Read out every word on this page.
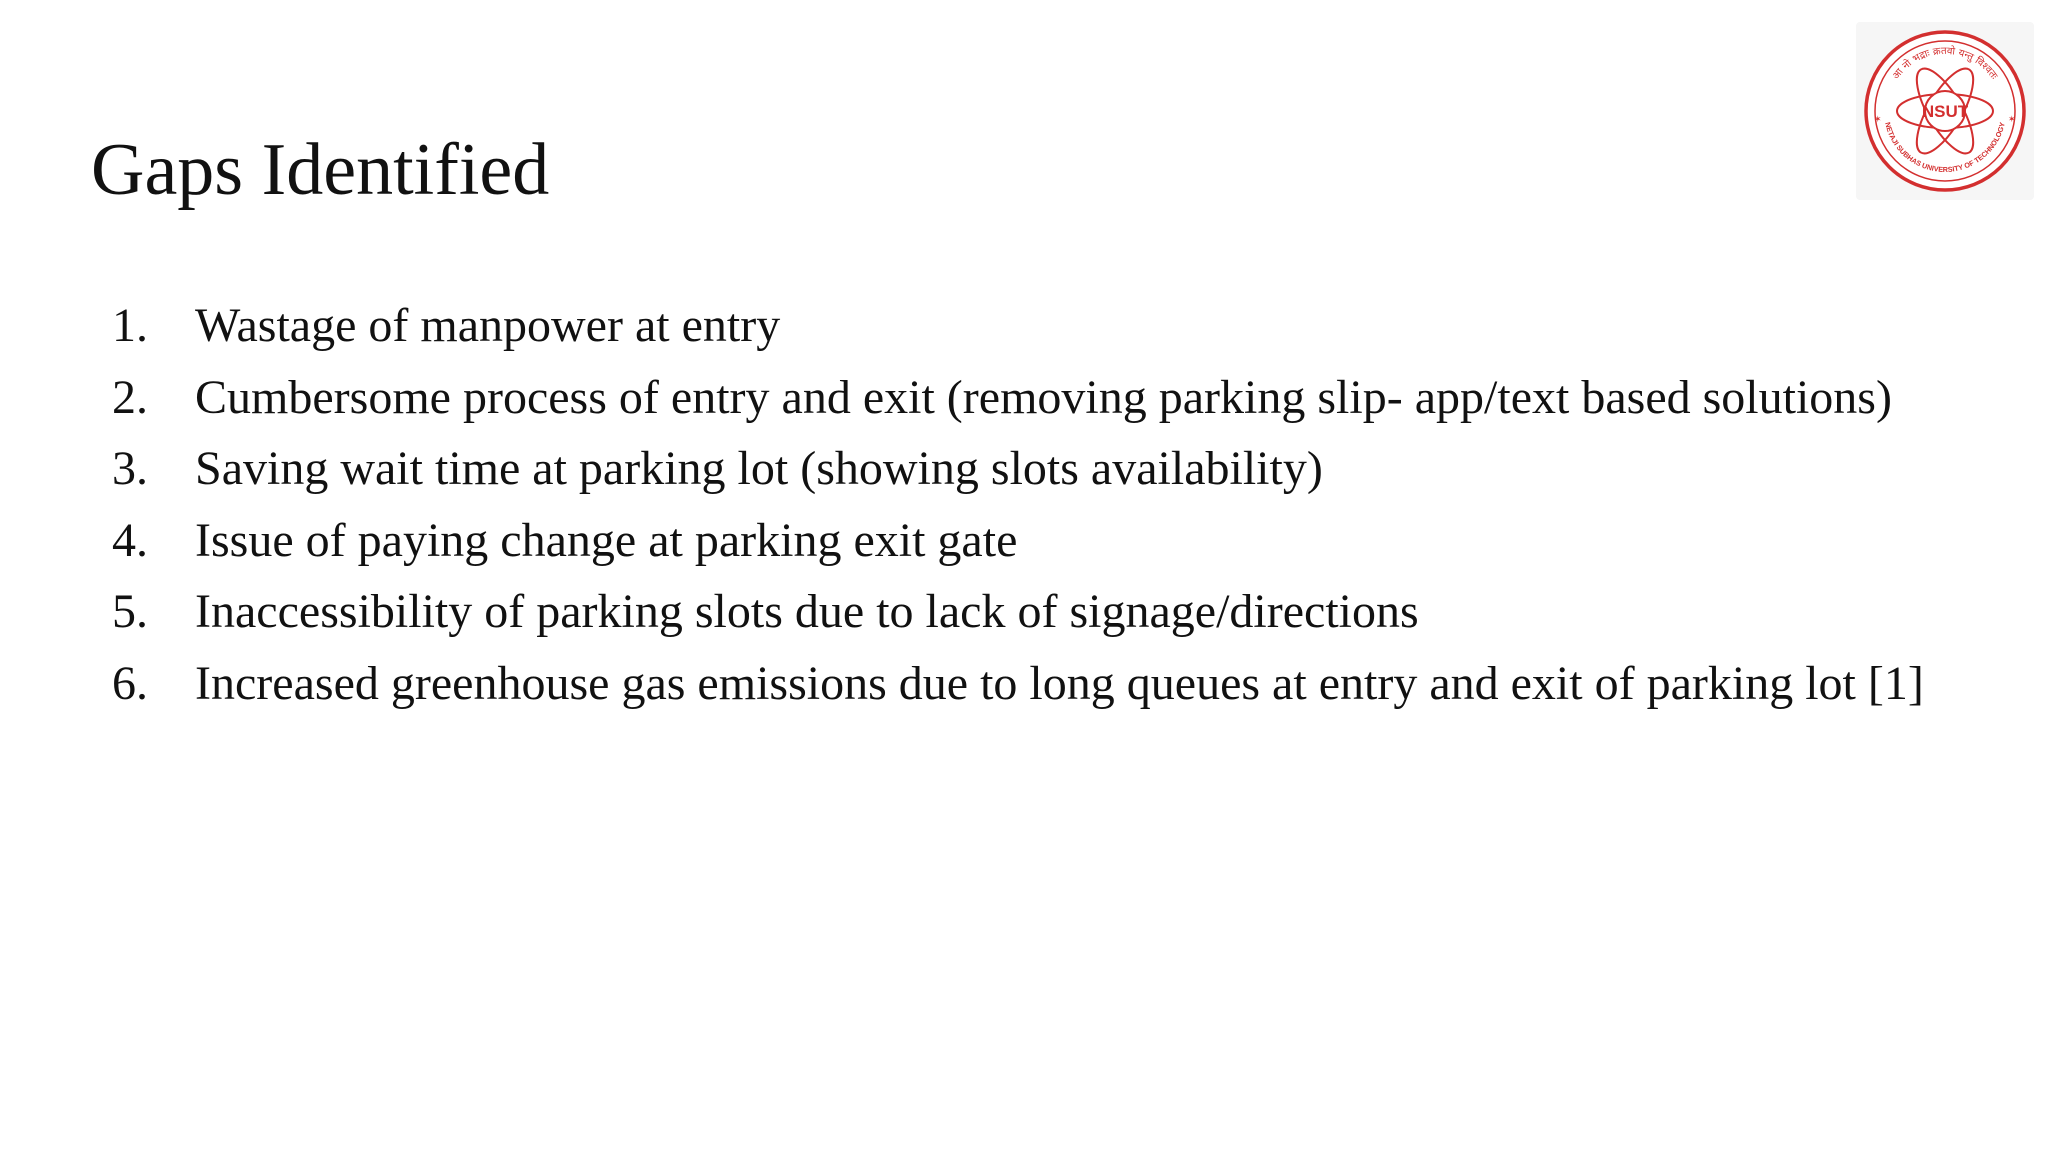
Gaps Identified
1. Wastage of manpower at entry
2. Cumbersome process of entry and exit (removing parking slip- app/text based solutions)
3. Saving wait time at parking lot (showing slots availability)
4. Issue of paying change at parking exit gate
5. Inaccessibility of parking slots due to lack of signage/directions
6. Increased greenhouse gas emissions due to long queues at entry and exit of parking lot [1]
NSUT
✶	✶
आ नो भद्राः क्रतवो यन्तु विश्वतः
NETAJI SUBHAS UNIVERSITY OF TECHNOLOGY
